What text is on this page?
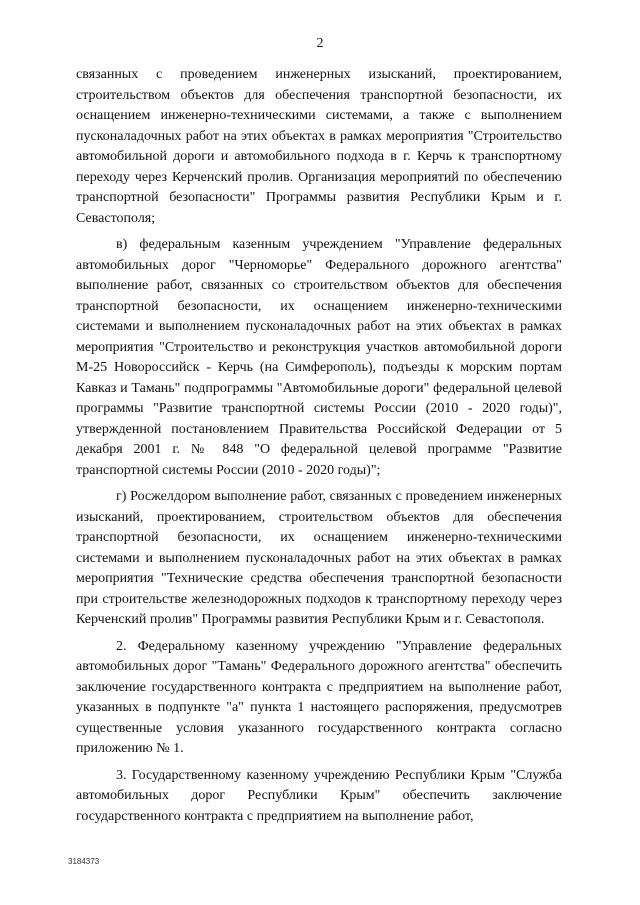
2

связанных с проведением инженерных изысканий, проектированием, строительством объектов для обеспечения транспортной безопасности, их оснащением инженерно-техническими системами, а также с выполнением пусконаладочных работ на этих объектах в рамках мероприятия "Строительство автомобильной дороги и автомобильного подхода в г. Керчь к транспортному переходу через Керченский пролив. Организация мероприятий по обеспечению транспортной безопасности" Программы развития Республики Крым и г. Севастополя;

в) федеральным казенным учреждением "Управление федеральных автомобильных дорог "Черноморье" Федерального дорожного агентства" выполнение работ, связанных со строительством объектов для обеспечения транспортной безопасности, их оснащением инженерно-техническими системами и выполнением пусконаладочных работ на этих объектах в рамках мероприятия "Строительство и реконструкция участков автомобильной дороги М-25 Новороссийск - Керчь (на Симферополь), подъезды к морским портам Кавказ и Тамань" подпрограммы "Автомобильные дороги" федеральной целевой программы "Развитие транспортной системы России (2010 - 2020 годы)", утвержденной постановлением Правительства Российской Федерации от 5 декабря 2001 г. № 848 "О федеральной целевой программе "Развитие транспортной системы России (2010 - 2020 годы)";

г) Росжелдором выполнение работ, связанных с проведением инженерных изысканий, проектированием, строительством объектов для обеспечения транспортной безопасности, их оснащением инженерно-техническими системами и выполнением пусконаладочных работ на этих объектах в рамках мероприятия "Технические средства обеспечения транспортной безопасности при строительстве железнодорожных подходов к транспортному переходу через Керченский пролив" Программы развития Республики Крым и г. Севастополя.

2. Федеральному казенному учреждению "Управление федеральных автомобильных дорог "Тамань" Федерального дорожного агентства" обеспечить заключение государственного контракта с предприятием на выполнение работ, указанных в подпункте "а" пункта 1 настоящего распоряжения, предусмотрев существенные условия указанного государственного контракта согласно приложению № 1.

3. Государственному казенному учреждению Республики Крым "Служба автомобильных дорог Республики Крым" обеспечить заключение государственного контракта с предприятием на выполнение работ,

3184373
